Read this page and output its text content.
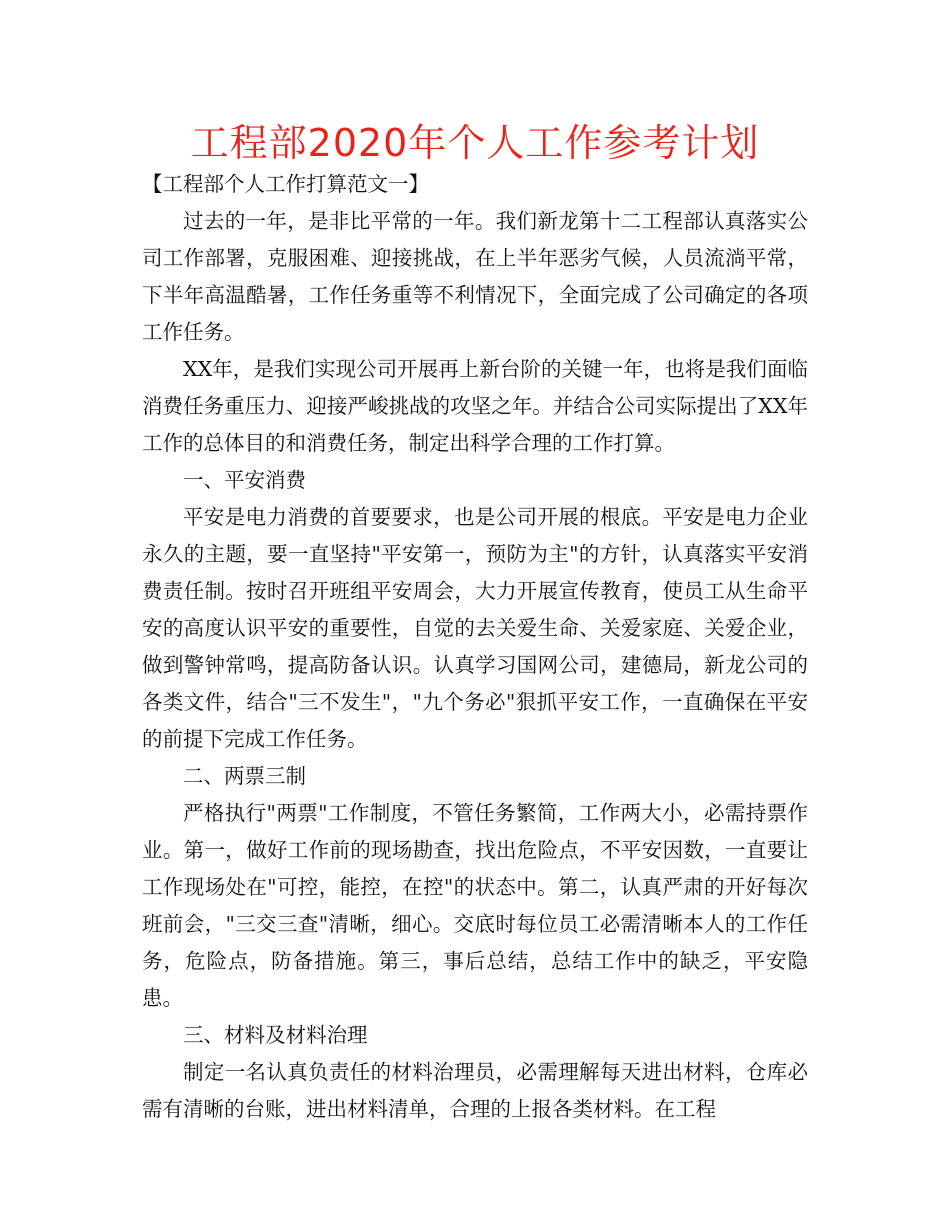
工程部2020年个人工作参考计划

【工程部个人工作打算范文一】

过去的一年，是非比平常的一年。我们新龙第十二工程部认真落实公司工作部署，克服困难、迎接挑战，在上半年恶劣气候，人员流淌平常，下半年高温酷暑，工作任务重等不利情况下，全面完成了公司确定的各项工作任务。

XX年，是我们实现公司开展再上新台阶的关键一年，也将是我们面临消费任务重压力、迎接严峻挑战的攻坚之年。并结合公司实际提出了XX年工作的总体目的和消费任务，制定出科学合理的工作打算。

一、平安消费

平安是电力消费的首要要求，也是公司开展的根底。平安是电力企业永久的主题，要一直坚持"平安第一，预防为主"的方针，认真落实平安消费责任制。按时召开班组平安周会，大力开展宣传教育，使员工从生命平安的高度认识平安的重要性，自觉的去关爱生命、关爱家庭、关爱企业，做到警钟常鸣，提高防备认识。认真学习国网公司，建德局，新龙公司的各类文件，结合"三不发生"，"九个务必"狠抓平安工作，一直确保在平安的前提下完成工作任务。

二、两票三制

严格执行"两票"工作制度，不管任务繁简，工作两大小，必需持票作业。第一，做好工作前的现场勘查，找出危险点，不平安因数，一直要让工作现场处在"可控，能控，在控"的状态中。第二，认真严肃的开好每次班前会，"三交三查"清晰，细心。交底时每位员工必需清晰本人的工作任务，危险点，防备措施。第三，事后总结，总结工作中的缺乏，平安隐患。

三、材料及材料治理

制定一名认真负责任的材料治理员，必需理解每天进出材料，仓库必需有清晰的台账，进出材料清单，合理的上报各类材料。在工程
